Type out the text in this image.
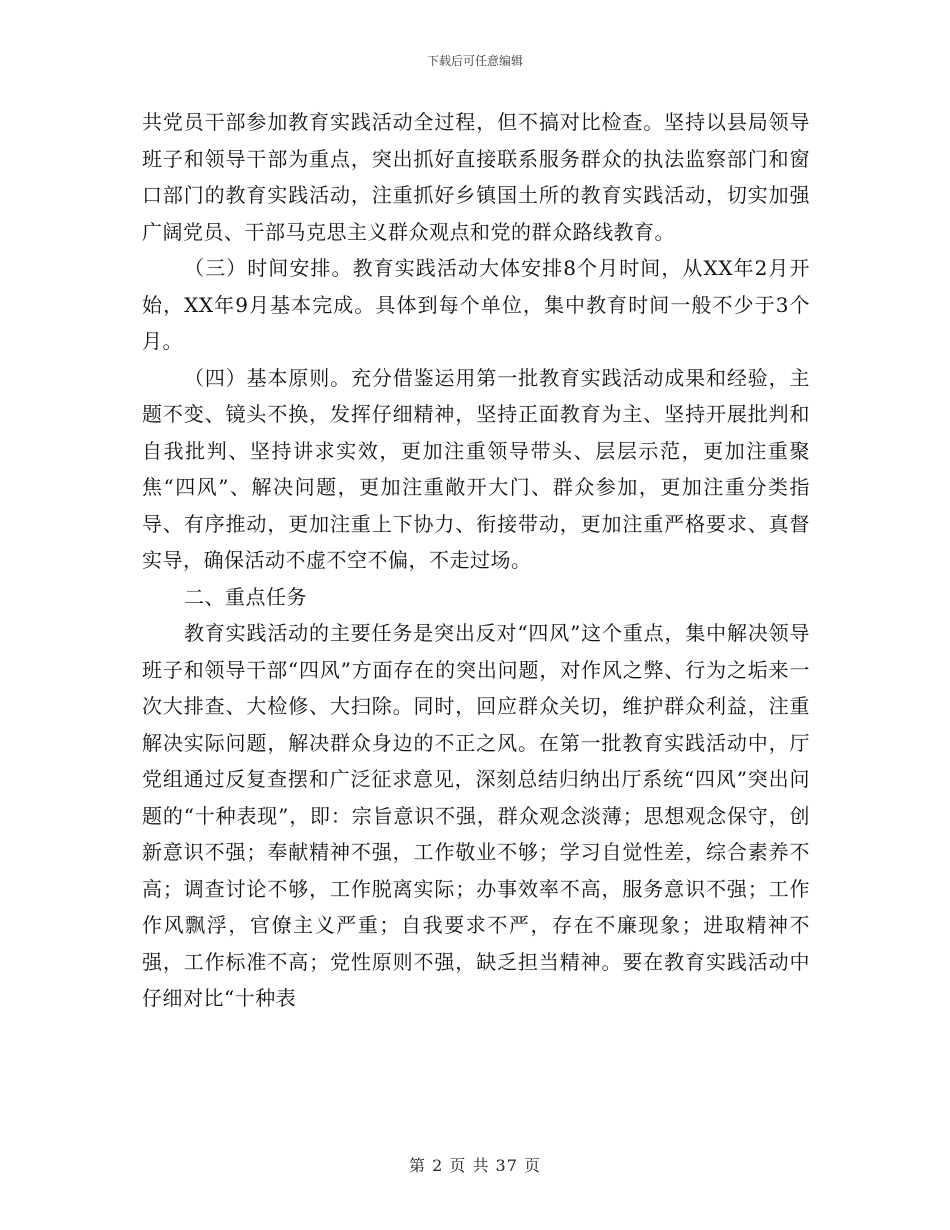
下载后可任意编辑

共党员干部参加教育实践活动全过程，但不搞对比检查。坚持以县局领导班子和领导干部为重点，突出抓好直接联系服务群众的执法监察部门和窗口部门的教育实践活动，注重抓好乡镇国土所的教育实践活动，切实加强广阔党员、干部马克思主义群众观点和党的群众路线教育。

（三）时间安排。教育实践活动大体安排8个月时间，从XX年2月开始，XX年9月基本完成。具体到每个单位，集中教育时间一般不少于3个月。

（四）基本原则。充分借鉴运用第一批教育实践活动成果和经验，主题不变、镜头不换，发挥仔细精神，坚持正面教育为主、坚持开展批判和自我批判、坚持讲求实效，更加注重领导带头、层层示范，更加注重聚焦“四风”、解决问题，更加注重敞开大门、群众参加，更加注重分类指导、有序推动，更加注重上下协力、衔接带动，更加注重严格要求、真督实导，确保活动不虚不空不偏，不走过场。

二、重点任务

教育实践活动的主要任务是突出反对“四风”这个重点，集中解决领导班子和领导干部“四风”方面存在的突出问题，对作风之弊、行为之垢来一次大排查、大检修、大扫除。同时，回应群众关切，维护群众利益，注重解决实际问题，解决群众身边的不正之风。在第一批教育实践活动中，厅党组通过反复查摆和广泛征求意见，深刻总结归纳出厅系统“四风”突出问题的“十种表现”，即：宗旨意识不强，群众观念淡薄；思想观念保守，创新意识不强；奉献精神不强，工作敬业不够；学习自觉性差，综合素养不高；调查讨论不够，工作脱离实际；办事效率不高，服务意识不强；工作作风飘浮，官僚主义严重；自我要求不严，存在不廉现象；进取精神不强，工作标准不高；党性原则不强，缺乏担当精神。要在教育实践活动中仔细对比“十种表

第 2 页 共 37 页
